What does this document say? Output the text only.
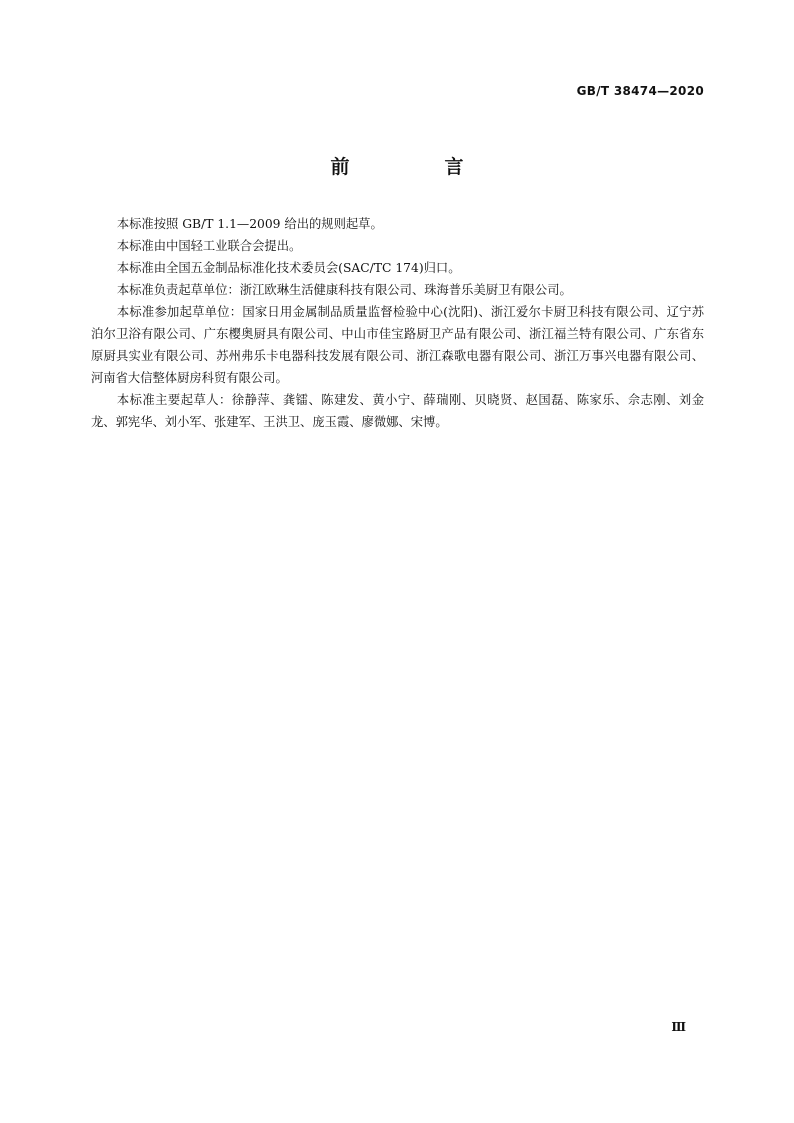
GB/T 38474—2020
前　言

本标准按照 GB/T 1.1—2009 给出的规则起草。

本标准由中国轻工业联合会提出。

本标准由全国五金制品标准化技术委员会(SAC/TC 174)归口。

本标准负责起草单位：浙江欧琳生活健康科技有限公司、珠海普乐美厨卫有限公司。

本标准参加起草单位：国家日用金属制品质量监督检验中心(沈阳)、浙江爱尔卡厨卫科技有限公司、辽宁苏泊尔卫浴有限公司、广东樱奥厨具有限公司、中山市佳宝路厨卫产品有限公司、浙江福兰特有限公司、广东省东原厨具实业有限公司、苏州弗乐卡电器科技发展有限公司、浙江森歌电器有限公司、浙江万事兴电器有限公司、河南省大信整体厨房科贸有限公司。

本标准主要起草人：徐静萍、龚镭、陈建发、黄小宁、薛瑞刚、贝晓贤、赵国磊、陈家乐、佘志刚、刘金龙、郭宪华、刘小军、张建军、王洪卫、庞玉霞、廖微娜、宋博。

Ⅲ
